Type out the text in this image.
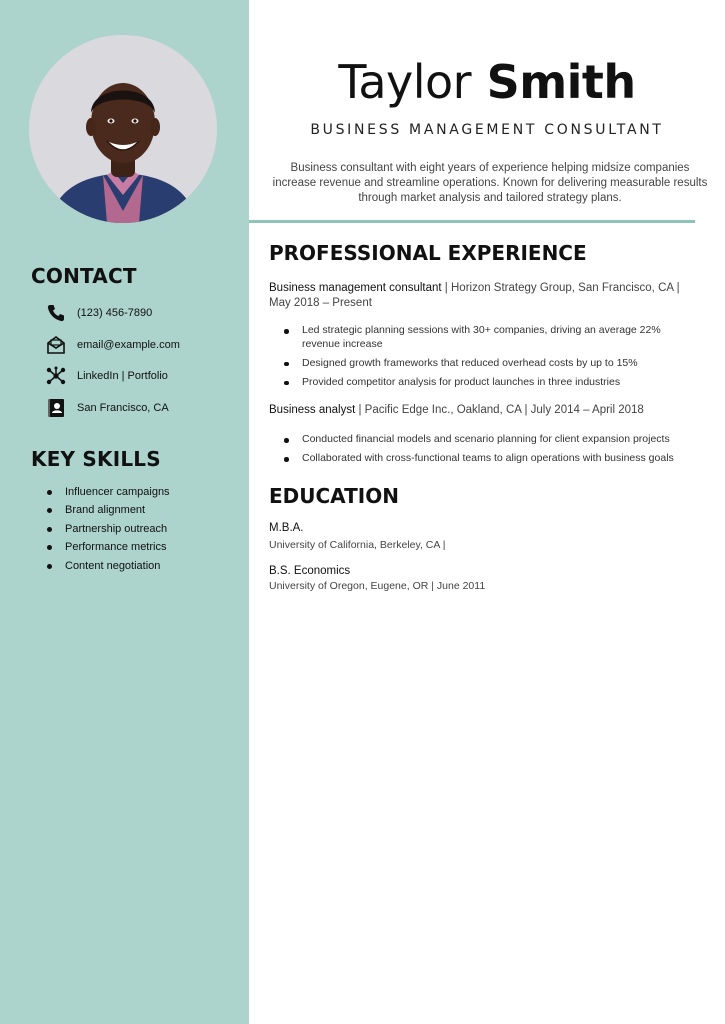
CONTACT
(123) 456-7890
email@example.com
LinkedIn | Portfolio
San Francisco, CA
KEY SKILLS
Influencer campaigns
Brand alignment
Partnership outreach
Performance metrics
Content negotiation
Taylor Smith
BUSINESS MANAGEMENT CONSULTANT

Business consultant with eight years of experience helping midsize companies increase revenue and streamline operations. Known for delivering measurable results through market analysis and tailored strategy plans.

PROFESSIONAL EXPERIENCE

Business management consultant | Horizon Strategy Group, San Francisco, CA | May 2018 – Present

Led strategic planning sessions with 30+ companies, driving an average 22% revenue increase
Designed growth frameworks that reduced overhead costs by up to 15%
Provided competitor analysis for product launches in three industries

Business analyst | Pacific Edge Inc., Oakland, CA | July 2014 – April 2018

Conducted financial models and scenario planning for client expansion projects
Collaborated with cross-functional teams to align operations with business goals
EDUCATION

M.B.A.

University of California, Berkeley, CA |

B.S. Economics

University of Oregon, Eugene, OR | June 2011
